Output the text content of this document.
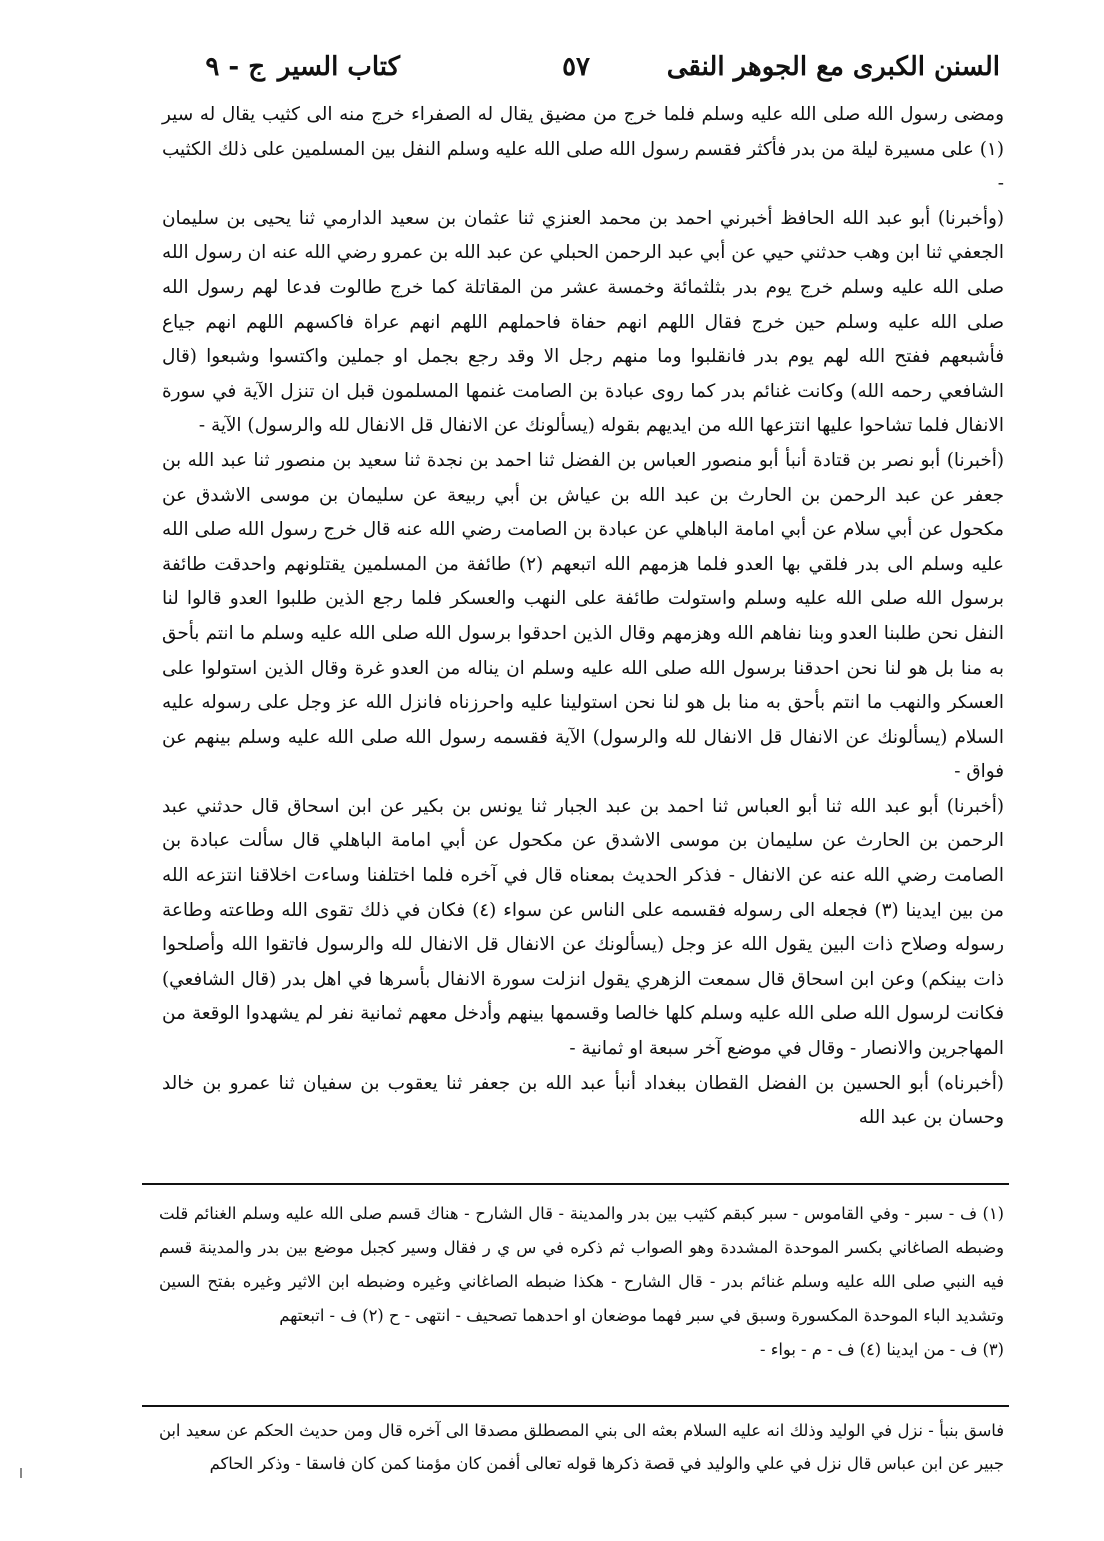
السنن الكبرى مع الجوهر النقى
٥٧
كتاب السير
ج - ٩

ومضى رسول الله صلى الله عليه وسلم فلما خرج من مضيق يقال له الصفراء خرج منه الى كثيب يقال له سير (١) على مسيرة ليلة من بدر فأكثر فقسم رسول الله صلى الله عليه وسلم النفل بين المسلمين على ذلك الكثيب -

(وأخبرنا) أبو عبد الله الحافظ أخبرني احمد بن محمد العنزي ثنا عثمان بن سعيد الدارمي ثنا يحيى بن سليمان الجعفي ثنا ابن وهب حدثني حيي عن أبي عبد الرحمن الحبلي عن عبد الله بن عمرو رضي الله عنه ان رسول الله صلى الله عليه وسلم خرج يوم بدر بثلثمائة وخمسة عشر من المقاتلة كما خرج طالوت فدعا لهم رسول الله صلى الله عليه وسلم حين خرج فقال اللهم انهم حفاة فاحملهم اللهم انهم عراة فاكسهم اللهم انهم جياع فأشبعهم ففتح الله لهم يوم بدر فانقلبوا وما منهم رجل الا وقد رجع بجمل او جملين واكتسوا وشبعوا (قال الشافعي رحمه الله) وكانت غنائم بدر كما روى عبادة بن الصامت غنمها المسلمون قبل ان تنزل الآية في سورة الانفال فلما تشاحوا عليها انتزعها الله من ايديهم بقوله (يسألونك عن الانفال قل الانفال لله والرسول) الآية -

(أخبرنا) أبو نصر بن قتادة أنبأ أبو منصور العباس بن الفضل ثنا احمد بن نجدة ثنا سعيد بن منصور ثنا عبد الله بن جعفر عن عبد الرحمن بن الحارث بن عبد الله بن عياش بن أبي ربيعة عن سليمان بن موسى الاشدق عن مكحول عن أبي سلام عن أبي امامة الباهلي عن عبادة بن الصامت رضي الله عنه قال خرج رسول الله صلى الله عليه وسلم الى بدر فلقي بها العدو فلما هزمهم الله اتبعهم (٢) طائفة من المسلمين يقتلونهم واحدقت طائفة برسول الله صلى الله عليه وسلم واستولت طائفة على النهب والعسكر فلما رجع الذين طلبوا العدو قالوا لنا النفل نحن طلبنا العدو وبنا نفاهم الله وهزمهم وقال الذين احدقوا برسول الله صلى الله عليه وسلم ما انتم بأحق به منا بل هو لنا نحن احدقنا برسول الله صلى الله عليه وسلم ان يناله من العدو غرة وقال الذين استولوا على العسكر والنهب ما انتم بأحق به منا بل هو لنا نحن استولينا عليه واحرزناه فانزل الله عز وجل على رسوله عليه السلام (يسألونك عن الانفال قل الانفال لله والرسول) الآية فقسمه رسول الله صلى الله عليه وسلم بينهم عن فواق -

(أخبرنا) أبو عبد الله ثنا أبو العباس ثنا احمد بن عبد الجبار ثنا يونس بن بكير عن ابن اسحاق قال حدثني عبد الرحمن بن الحارث عن سليمان بن موسى الاشدق عن مكحول عن أبي امامة الباهلي قال سألت عبادة بن الصامت رضي الله عنه عن الانفال - فذكر الحديث بمعناه قال في آخره فلما اختلفنا وساءت اخلاقنا انتزعه الله من بين ايدينا (٣) فجعله الى رسوله فقسمه على الناس عن سواء (٤) فكان في ذلك تقوى الله وطاعته وطاعة رسوله وصلاح ذات البين يقول الله عز وجل (يسألونك عن الانفال قل الانفال لله والرسول فاتقوا الله وأصلحوا ذات بينكم) وعن ابن اسحاق قال سمعت الزهري يقول انزلت سورة الانفال بأسرها في اهل بدر (قال الشافعي) فكانت لرسول الله صلى الله عليه وسلم كلها خالصا وقسمها بينهم وأدخل معهم ثمانية نفر لم يشهدوا الوقعة من المهاجرين والانصار - وقال في موضع آخر سبعة او ثمانية -

(أخبرناه) أبو الحسين بن الفضل القطان ببغداد أنبأ عبد الله بن جعفر ثنا يعقوب بن سفيان ثنا عمرو بن خالد وحسان بن عبد الله

(١) ف - سبر - وفي القاموس - سبر كبقم كثيب بين بدر والمدينة - قال الشارح - هناك قسم صلى الله عليه وسلم الغنائم قلت وضبطه الصاغاني بكسر الموحدة المشددة وهو الصواب ثم ذكره في س ي ر فقال وسير كجبل موضع بين بدر والمدينة قسم فيه النبي صلى الله عليه وسلم غنائم بدر - قال الشارح - هكذا ضبطه الصاغاني وغيره وضبطه ابن الاثير وغيره بفتح السين وتشديد الباء الموحدة المكسورة وسبق في سبر فهما موضعان او احدهما تصحيف - انتهى - ح (٢) ف - اتبعتهم

(٣) ف - من ايدينا (٤) ف - م - بواء -

فاسق بنبأ - نزل في الوليد وذلك انه عليه السلام بعثه الى بني المصطلق مصدقا الى آخره قال ومن حديث الحكم عن سعيد ابن جبير عن ابن عباس قال نزل في علي والوليد في قصة ذكرها قوله تعالى أفمن كان مؤمنا كمن كان فاسقا - وذكر الحاكم
